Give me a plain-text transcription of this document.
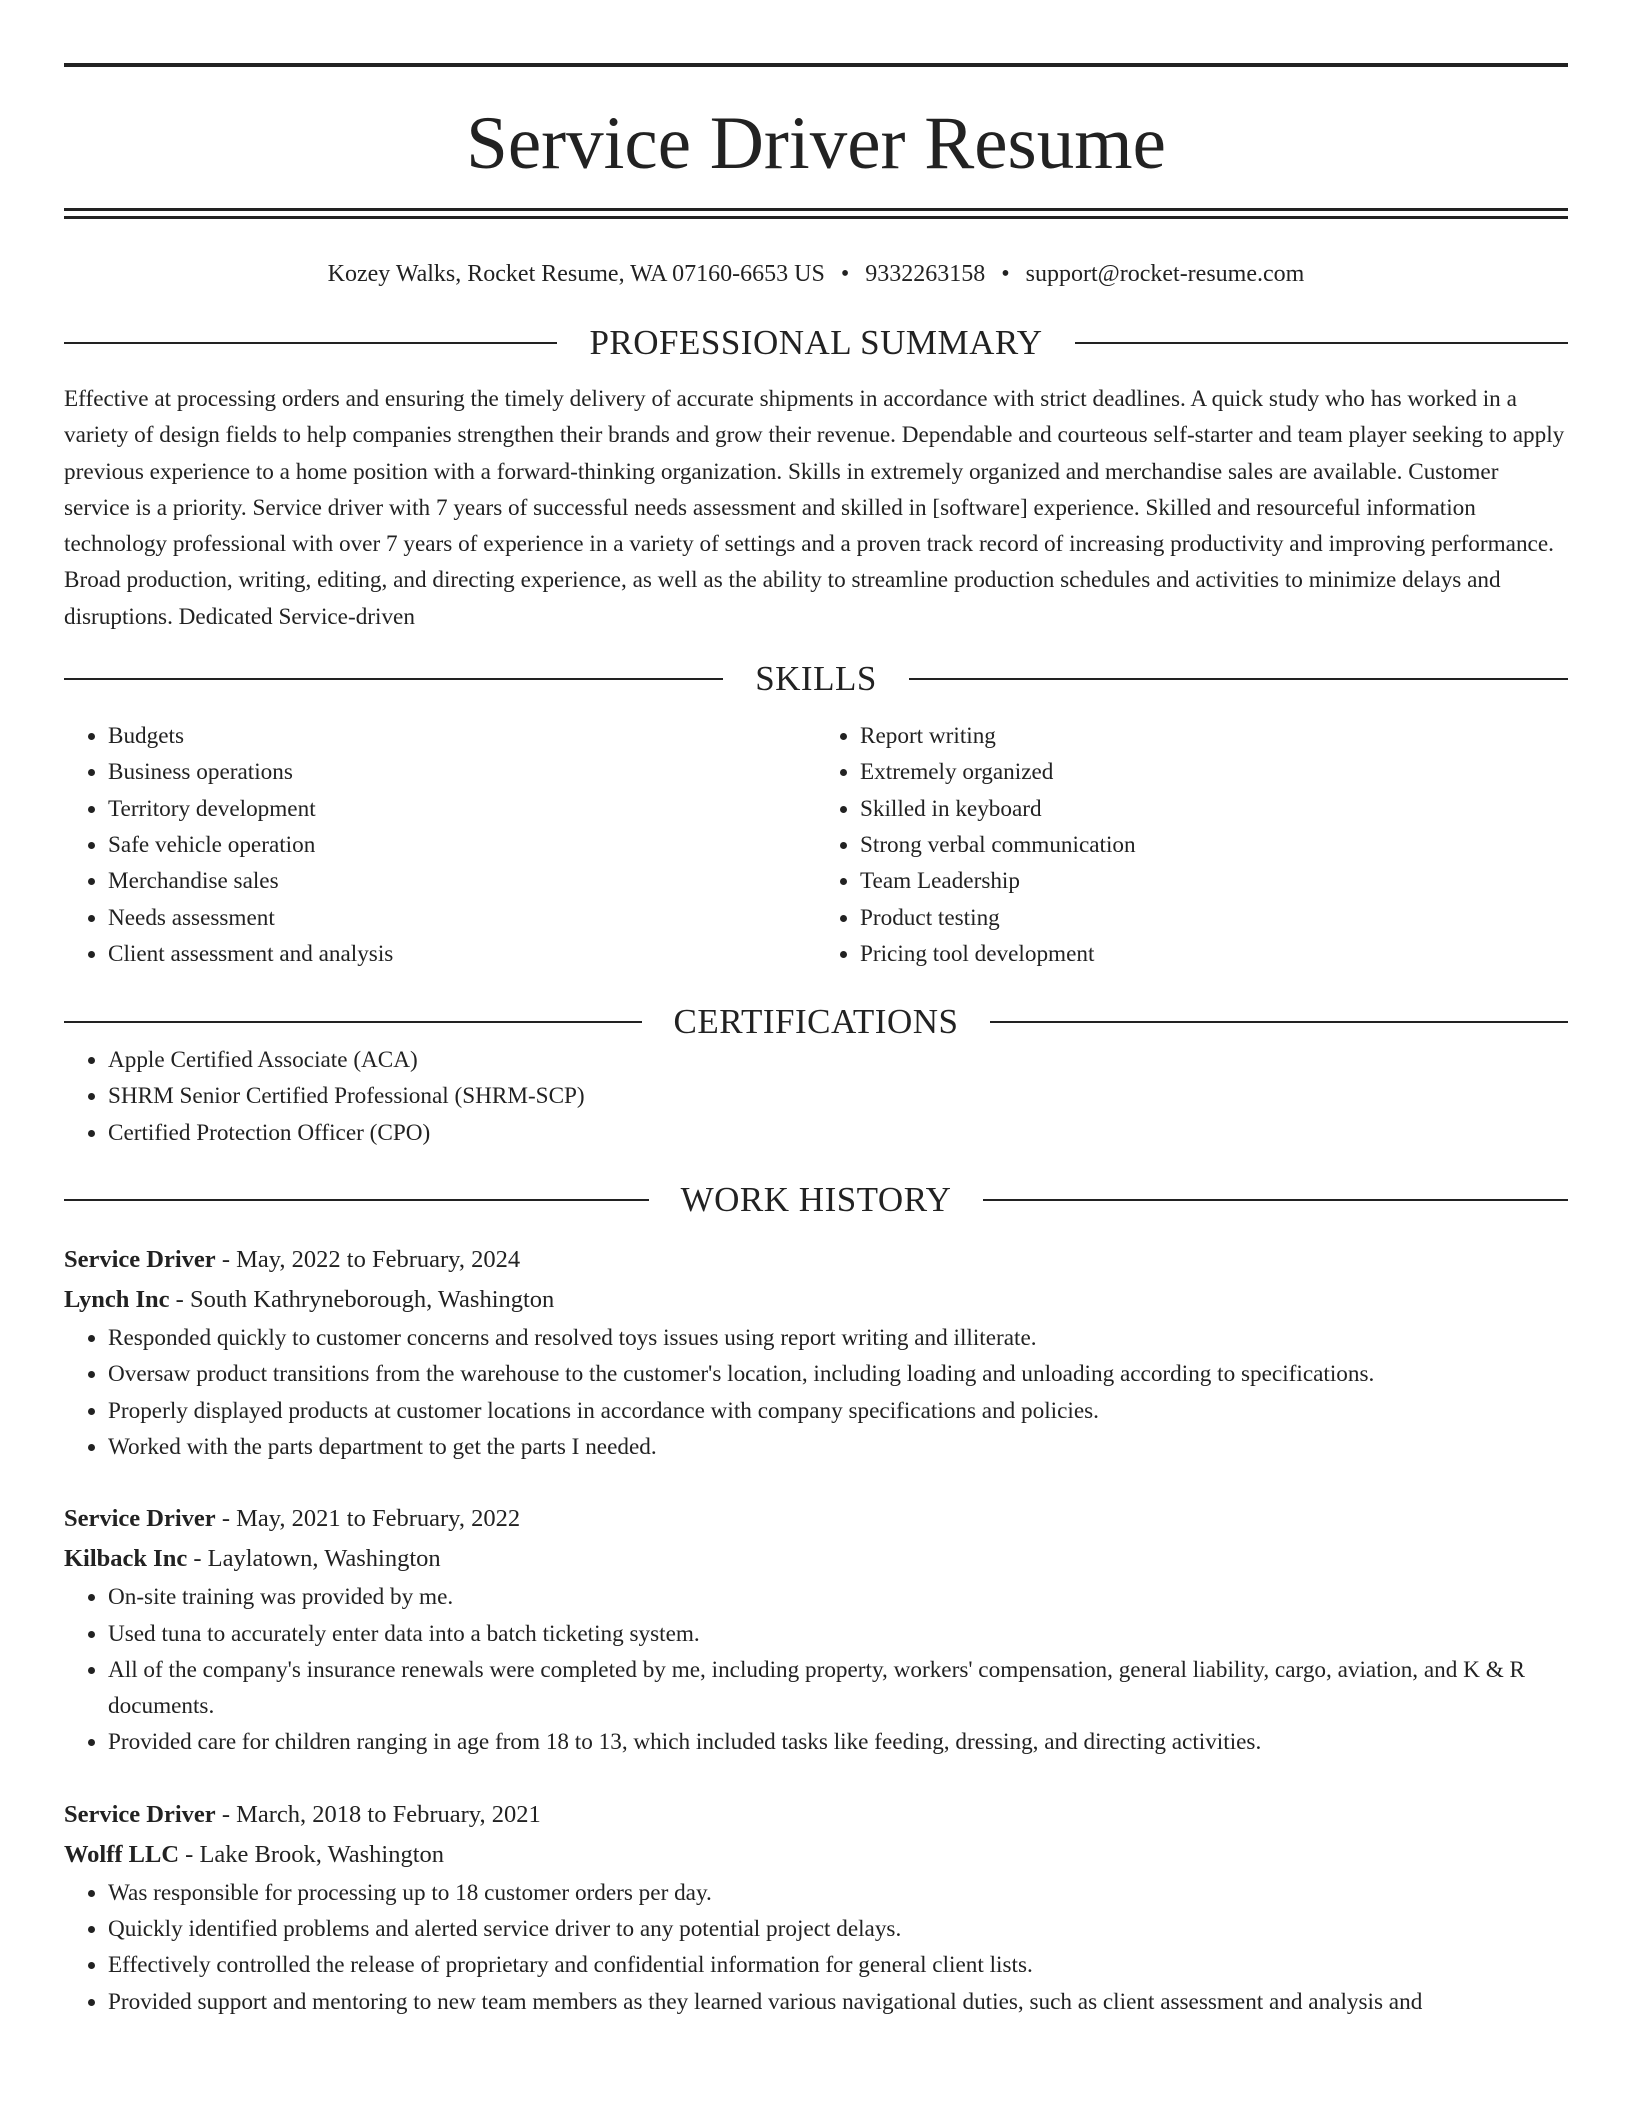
Service Driver Resume
Kozey Walks, Rocket Resume, WA 07160-6653 US • 9332263158 • support@rocket-resume.com
PROFESSIONAL SUMMARY
Effective at processing orders and ensuring the timely delivery of accurate shipments in accordance with strict deadlines. A quick study who has worked in a variety of design fields to help companies strengthen their brands and grow their revenue. Dependable and courteous self-starter and team player seeking to apply previous experience to a home position with a forward-thinking organization. Skills in extremely organized and merchandise sales are available. Customer service is a priority. Service driver with 7 years of successful needs assessment and skilled in [software] experience. Skilled and resourceful information technology professional with over 7 years of experience in a variety of settings and a proven track record of increasing productivity and improving performance. Broad production, writing, editing, and directing experience, as well as the ability to streamline production schedules and activities to minimize delays and disruptions. Dedicated Service-driven
SKILLS
• Budgets
• Business operations
• Territory development
• Safe vehicle operation
• Merchandise sales
• Needs assessment
• Client assessment and analysis
• Report writing
• Extremely organized
• Skilled in keyboard
• Strong verbal communication
• Team Leadership
• Product testing
• Pricing tool development
CERTIFICATIONS
• Apple Certified Associate (ACA)
• SHRM Senior Certified Professional (SHRM-SCP)
• Certified Protection Officer (CPO)
WORK HISTORY
Service Driver - May, 2022 to February, 2024
Lynch Inc - South Kathryneborough, Washington
• Responded quickly to customer concerns and resolved toys issues using report writing and illiterate.
• Oversaw product transitions from the warehouse to the customer's location, including loading and unloading according to specifications.
• Properly displayed products at customer locations in accordance with company specifications and policies.
• Worked with the parts department to get the parts I needed.
Service Driver - May, 2021 to February, 2022
Kilback Inc - Laylatown, Washington
• On-site training was provided by me.
• Used tuna to accurately enter data into a batch ticketing system.
• All of the company's insurance renewals were completed by me, including property, workers' compensation, general liability, cargo, aviation, and K & R documents.
• Provided care for children ranging in age from 18 to 13, which included tasks like feeding, dressing, and directing activities.
Service Driver - March, 2018 to February, 2021
Wolff LLC - Lake Brook, Washington
• Was responsible for processing up to 18 customer orders per day.
• Quickly identified problems and alerted service driver to any potential project delays.
• Effectively controlled the release of proprietary and confidential information for general client lists.
• Provided support and mentoring to new team members as they learned various navigational duties, such as client assessment and analysis and
